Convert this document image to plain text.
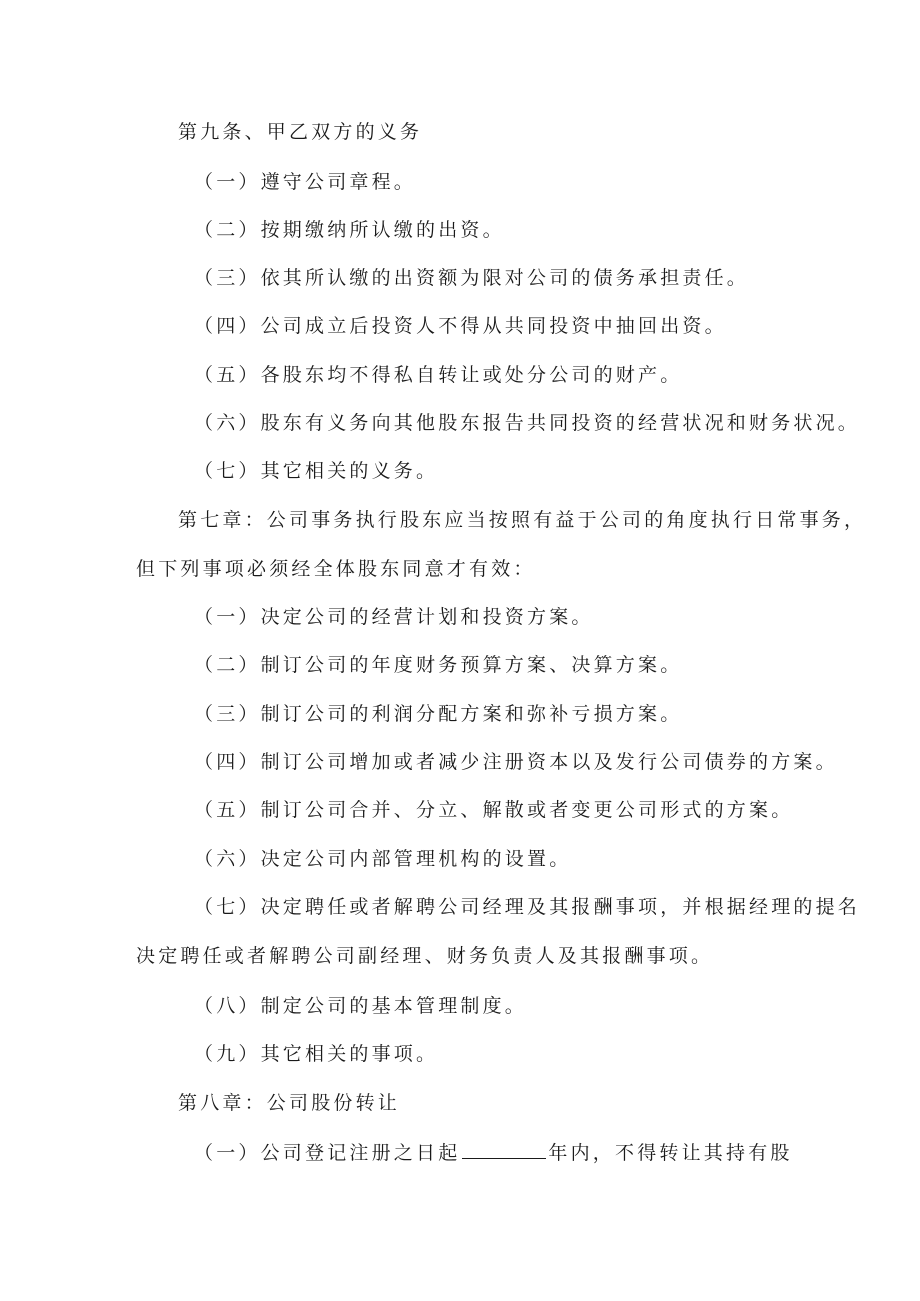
第九条、甲乙双方的义务
（一）遵守公司章程。
（二）按期缴纳所认缴的出资。
（三）依其所认缴的出资额为限对公司的债务承担责任。
（四）公司成立后投资人不得从共同投资中抽回出资。
（五）各股东均不得私自转让或处分公司的财产。
（六）股东有义务向其他股东报告共同投资的经营状况和财务状况。
（七）其它相关的义务。
第七章：公司事务执行股东应当按照有益于公司的角度执行日常事务，
但下列事项必须经全体股东同意才有效：
（一）决定公司的经营计划和投资方案。
（二）制订公司的年度财务预算方案、决算方案。
（三）制订公司的利润分配方案和弥补亏损方案。
（四）制订公司增加或者减少注册资本以及发行公司债券的方案。
（五）制订公司合并、分立、解散或者变更公司形式的方案。
（六）决定公司内部管理机构的设置。
（七）决定聘任或者解聘公司经理及其报酬事项，并根据经理的提名
决定聘任或者解聘公司副经理、财务负责人及其报酬事项。
（八）制定公司的基本管理制度。
（九）其它相关的事项。
第八章：公司股份转让
（一）公司登记注册之日起	年内，不得转让其持有股
